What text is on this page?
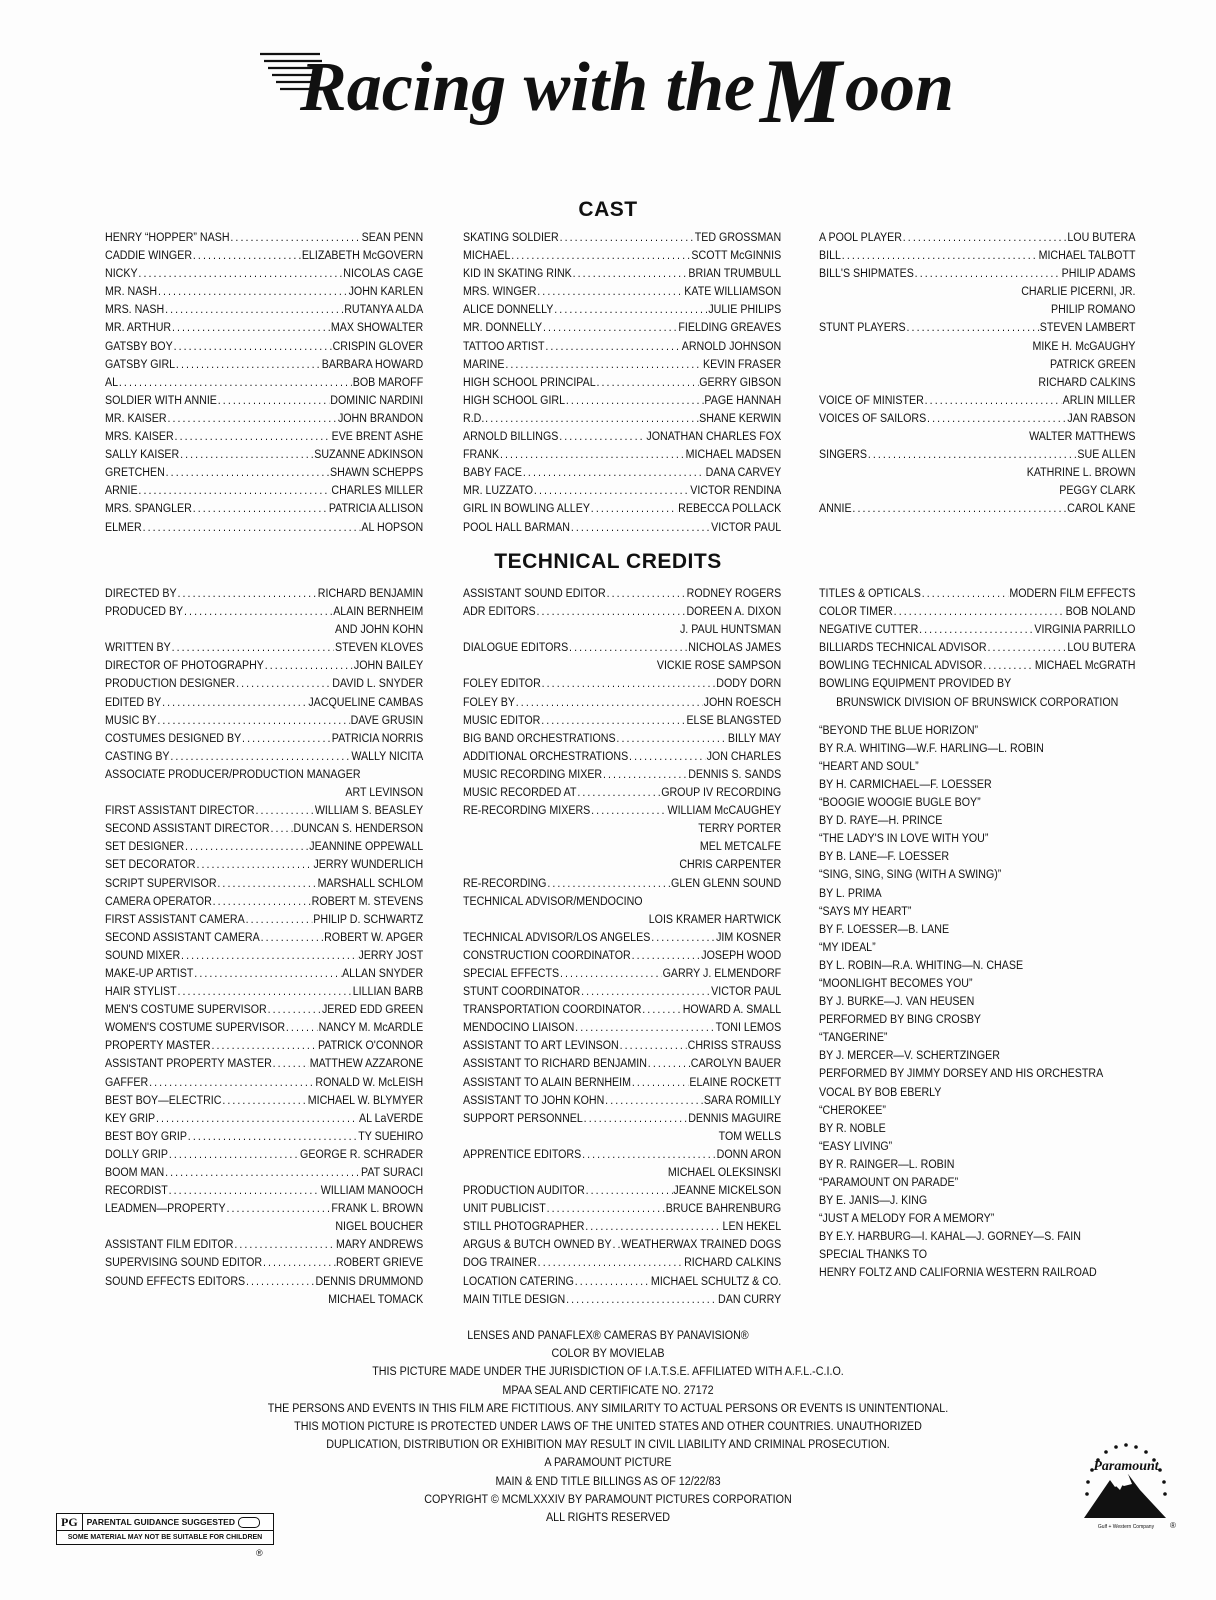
Racing with the M oon
CAST
HENRY “HOPPER” NASH .....	SEAN PENN
CADDIE WINGER .....	ELIZABETH McGOVERN
NICKY .....	NICOLAS CAGE
MR. NASH .....	JOHN KARLEN
MRS. NASH .....	RUTANYA ALDA
MR. ARTHUR .....	MAX SHOWALTER
GATSBY BOY .....	CRISPIN GLOVER
GATSBY GIRL .....	BARBARA HOWARD
AL .....	BOB MAROFF
SOLDIER WITH ANNIE .....	DOMINIC NARDINI
MR. KAISER .....	JOHN BRANDON
MRS. KAISER .....	EVE BRENT ASHE
SALLY KAISER .....	SUZANNE ADKINSON
GRETCHEN .....	SHAWN SCHEPPS
ARNIE .....	CHARLES MILLER
MRS. SPANGLER .....	PATRICIA ALLISON
ELMER .....	AL HOPSON
SKATING SOLDIER .....	TED GROSSMAN
MICHAEL .....	SCOTT McGINNIS
KID IN SKATING RINK .....	BRIAN TRUMBULL
MRS. WINGER .....	KATE WILLIAMSON
ALICE DONNELLY .....	JULIE PHILIPS
MR. DONNELLY .....	FIELDING GREAVES
TATTOO ARTIST .....	ARNOLD JOHNSON
MARINE .....	KEVIN FRASER
HIGH SCHOOL PRINCIPAL .....	GERRY GIBSON
HIGH SCHOOL GIRL .....	PAGE HANNAH
R.D. .....	SHANE KERWIN
ARNOLD BILLINGS .....	JONATHAN CHARLES FOX
FRANK .....	MICHAEL MADSEN
BABY FACE .....	DANA CARVEY
MR. LUZZATO .....	VICTOR RENDINA
GIRL IN BOWLING ALLEY .....	REBECCA POLLACK
POOL HALL BARMAN .....	VICTOR PAUL
A POOL PLAYER .....	LOU BUTERA
BILL .....	MICHAEL TALBOTT
BILL'S SHIPMATES .....	PHILIP ADAMS
CHARLIE PICERNI, JR.
PHILIP ROMANO
STUNT PLAYERS .....	STEVEN LAMBERT
MIKE H. McGAUGHY
PATRICK GREEN
RICHARD CALKINS
VOICE OF MINISTER .....	ARLIN MILLER
VOICES OF SAILORS .....	JAN RABSON
WALTER MATTHEWS
SINGERS .....	SUE ALLEN
KATHRINE L. BROWN
PEGGY CLARK
ANNIE .....	CAROL KANE
TECHNICAL CREDITS
DIRECTED BY .....	RICHARD BENJAMIN
PRODUCED BY .....	ALAIN BERNHEIM
AND JOHN KOHN
WRITTEN BY .....	STEVEN KLOVES
DIRECTOR OF PHOTOGRAPHY .....	JOHN BAILEY
PRODUCTION DESIGNER .....	DAVID L. SNYDER
EDITED BY .....	JACQUELINE CAMBAS
MUSIC BY .....	DAVE GRUSIN
COSTUMES DESIGNED BY .....	PATRICIA NORRIS
CASTING BY .....	WALLY NICITA
ASSOCIATE PRODUCER/PRODUCTION MANAGER
ART LEVINSON
FIRST ASSISTANT DIRECTOR .....	WILLIAM S. BEASLEY
SECOND ASSISTANT DIRECTOR ..... DUNCAN S. HENDERSON
SET DESIGNER .....	JEANNINE OPPEWALL
SET DECORATOR .....	JERRY WUNDERLICH
SCRIPT SUPERVISOR .....	MARSHALL SCHLOM
CAMERA OPERATOR .....	ROBERT M. STEVENS
FIRST ASSISTANT CAMERA .....	PHILIP D. SCHWARTZ
SECOND ASSISTANT CAMERA .....	ROBERT W. APGER
SOUND MIXER .....	JERRY JOST
MAKE-UP ARTIST .....	ALLAN SNYDER
HAIR STYLIST .....	LILLIAN BARB
MEN'S COSTUME SUPERVISOR .....	JERED EDD GREEN
WOMEN'S COSTUME SUPERVISOR .....	NANCY M. McARDLE
PROPERTY MASTER .....	PATRICK O'CONNOR
ASSISTANT PROPERTY MASTER .....	MATTHEW AZZARONE
GAFFER .....	RONALD W. McLEISH
BEST BOY—ELECTRIC .....	MICHAEL W. BLYMYER
KEY GRIP .....	AL LaVERDE
BEST BOY GRIP .....	TY SUEHIRO
DOLLY GRIP .....	GEORGE R. SCHRADER
BOOM MAN .....	PAT SURACI
RECORDIST .....	WILLIAM MANOOCH
LEADMEN—PROPERTY .....	FRANK L. BROWN
NIGEL BOUCHER
ASSISTANT FILM EDITOR .....	MARY ANDREWS
SUPERVISING SOUND EDITOR .....	ROBERT GRIEVE
SOUND EFFECTS EDITORS .....	DENNIS DRUMMOND
MICHAEL TOMACK
ASSISTANT SOUND EDITOR .....	RODNEY ROGERS
ADR EDITORS .....	DOREEN A. DIXON
J. PAUL HUNTSMAN
DIALOGUE EDITORS .....	NICHOLAS JAMES
VICKIE ROSE SAMPSON
FOLEY EDITOR .....	DODY DORN
FOLEY BY .....	JOHN ROESCH
MUSIC EDITOR .....	ELSE BLANGSTED
BIG BAND ORCHESTRATIONS .....	BILLY MAY
ADDITIONAL ORCHESTRATIONS .....	JON CHARLES
MUSIC RECORDING MIXER .....	DENNIS S. SANDS
MUSIC RECORDED AT .....	GROUP IV RECORDING
RE-RECORDING MIXERS .....	WILLIAM McCAUGHEY
TERRY PORTER
MEL METCALFE
CHRIS CARPENTER
RE-RECORDING .....	GLEN GLENN SOUND
TECHNICAL ADVISOR/MENDOCINO
LOIS KRAMER HARTWICK
TECHNICAL ADVISOR/LOS ANGELES .....	JIM KOSNER
CONSTRUCTION COORDINATOR .....	JOSEPH WOOD
SPECIAL EFFECTS .....	GARRY J. ELMENDORF
STUNT COORDINATOR .....	VICTOR PAUL
TRANSPORTATION COORDINATOR .....	HOWARD A. SMALL
MENDOCINO LIAISON .....	TONI LEMOS
ASSISTANT TO ART LEVINSON .....	CHRISS STRAUSS
ASSISTANT TO RICHARD BENJAMIN .....	CAROLYN BAUER
ASSISTANT TO ALAIN BERNHEIM .....	ELAINE ROCKETT
ASSISTANT TO JOHN KOHN .....	SARA ROMILLY
SUPPORT PERSONNEL .....	DENNIS MAGUIRE
TOM WELLS
APPRENTICE EDITORS .....	DONN ARON
MICHAEL OLEKSINSKI
PRODUCTION AUDITOR .....	JEANNE MICKELSON
UNIT PUBLICIST .....	BRUCE BAHRENBURG
STILL PHOTOGRAPHER .....	LEN HEKEL
ARGUS & BUTCH OWNED BY ..... WEATHERWAX TRAINED DOGS
DOG TRAINER .....	RICHARD CALKINS
LOCATION CATERING .....	MICHAEL SCHULTZ & CO.
MAIN TITLE DESIGN .....	DAN CURRY
TITLES & OPTICALS .....	MODERN FILM EFFECTS
COLOR TIMER .....	BOB NOLAND
NEGATIVE CUTTER .....	VIRGINIA PARRILLO
BILLIARDS TECHNICAL ADVISOR .....	LOU BUTERA
BOWLING TECHNICAL ADVISOR .....	MICHAEL McGRATH
BOWLING EQUIPMENT PROVIDED BY
BRUNSWICK DIVISION OF BRUNSWICK CORPORATION
“BEYOND THE BLUE HORIZON”
BY R.A. WHITING—W.F. HARLING—L. ROBIN
“HEART AND SOUL”
BY H. CARMICHAEL—F. LOESSER
“BOOGIE WOOGIE BUGLE BOY”
BY D. RAYE—H. PRINCE
“THE LADY'S IN LOVE WITH YOU”
BY B. LANE—F. LOESSER
“SING, SING, SING (WITH A SWING)”
BY L. PRIMA
“SAYS MY HEART”
BY F. LOESSER—B. LANE
“MY IDEAL”
BY L. ROBIN—R.A. WHITING—N. CHASE
“MOONLIGHT BECOMES YOU”
BY J. BURKE—J. VAN HEUSEN
PERFORMED BY BING CROSBY
“TANGERINE”
BY J. MERCER—V. SCHERTZINGER
PERFORMED BY JIMMY DORSEY AND HIS ORCHESTRA
VOCAL BY BOB EBERLY
“CHEROKEE”
BY R. NOBLE
“EASY LIVING”
BY R. RAINGER—L. ROBIN
“PARAMOUNT ON PARADE”
BY E. JANIS—J. KING
“JUST A MELODY FOR A MEMORY”
BY E.Y. HARBURG—I. KAHAL—J. GORNEY—S. FAIN
SPECIAL THANKS TO
HENRY FOLTZ AND CALIFORNIA WESTERN RAILROAD
LENSES AND PANAFLEX® CAMERAS BY PANAVISION®
COLOR BY MOVIELAB
THIS PICTURE MADE UNDER THE JURISDICTION OF I.A.T.S.E. AFFILIATED WITH A.F.L.-C.I.O.
MPAA SEAL AND CERTIFICATE NO. 27172
THE PERSONS AND EVENTS IN THIS FILM ARE FICTITIOUS. ANY SIMILARITY TO ACTUAL PERSONS OR EVENTS IS UNINTENTIONAL.
THIS MOTION PICTURE IS PROTECTED UNDER LAWS OF THE UNITED STATES AND OTHER COUNTRIES. UNAUTHORIZED
DUPLICATION, DISTRIBUTION OR EXHIBITION MAY RESULT IN CIVIL LIABILITY AND CRIMINAL PROSECUTION.
A PARAMOUNT PICTURE
MAIN & END TITLE BILLINGS AS OF 12/22/83
COPYRIGHT © MCMLXXXIV BY PARAMOUNT PICTURES CORPORATION
ALL RIGHTS RESERVED
PG	PARENTAL GUIDANCE SUGGESTED
SOME MATERIAL MAY NOT BE SUITABLE FOR CHILDREN
®
Paramount
Gulf + Western Company ®
